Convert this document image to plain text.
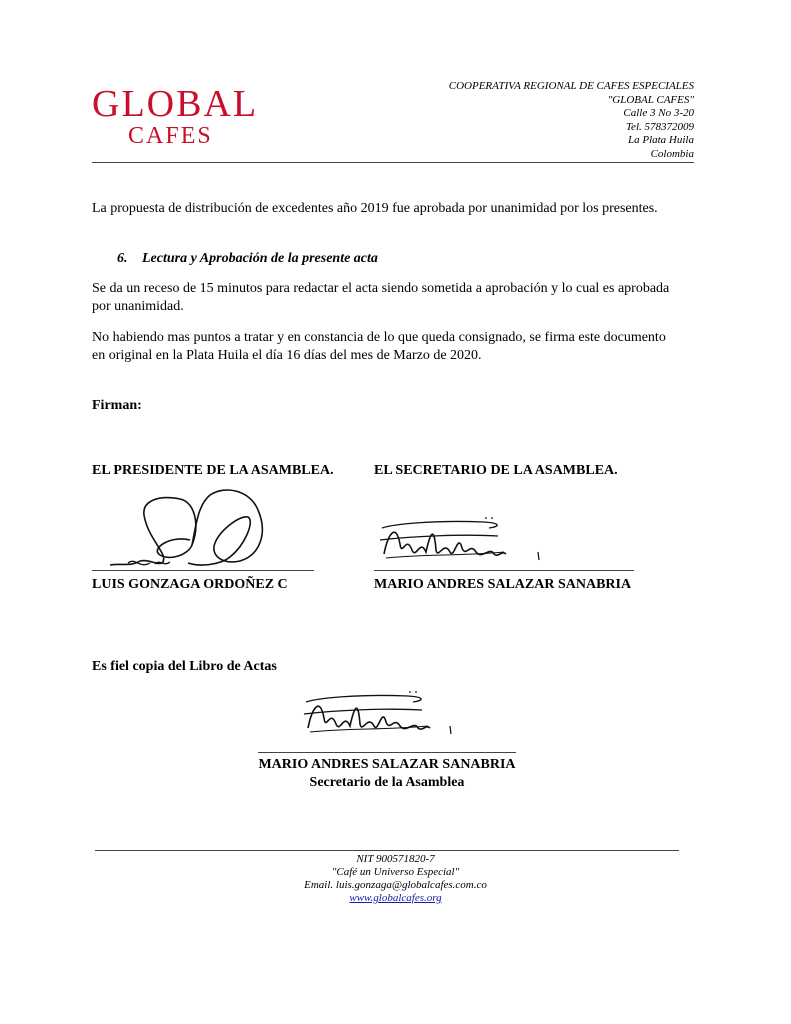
GLOBAL
CAFES
COOPERATIVA REGIONAL DE CAFES ESPECIALES
"GLOBAL CAFES"
Calle 3 No 3-20
Tel. 578372009
La Plata Huila
Colombia
La propuesta de distribución de excedentes año 2019 fue aprobada por unanimidad por los presentes.
6. Lectura y Aprobación de la presente acta
Se da un receso de 15 minutos para redactar el acta siendo sometida a aprobación y lo cual es aprobada
por unanimidad.
No habiendo mas puntos a tratar y en constancia de lo que queda consignado, se firma este documento
en original en la Plata Huila el día 16 días del mes de Marzo de 2020.
Firman:
EL PRESIDENTE DE LA ASAMBLEA.	EL SECRETARIO DE LA ASAMBLEA.
LUIS GONZAGA ORDOÑEZ C	MARIO ANDRES SALAZAR SANABRIA
Es fiel copia del Libro de Actas
MARIO ANDRES SALAZAR SANABRIA
Secretario de la Asamblea
NIT 900571820-7
"Café un Universo Especial"
Email. luis.gonzaga@globalcafes.com.co
www.globalcafes.org
